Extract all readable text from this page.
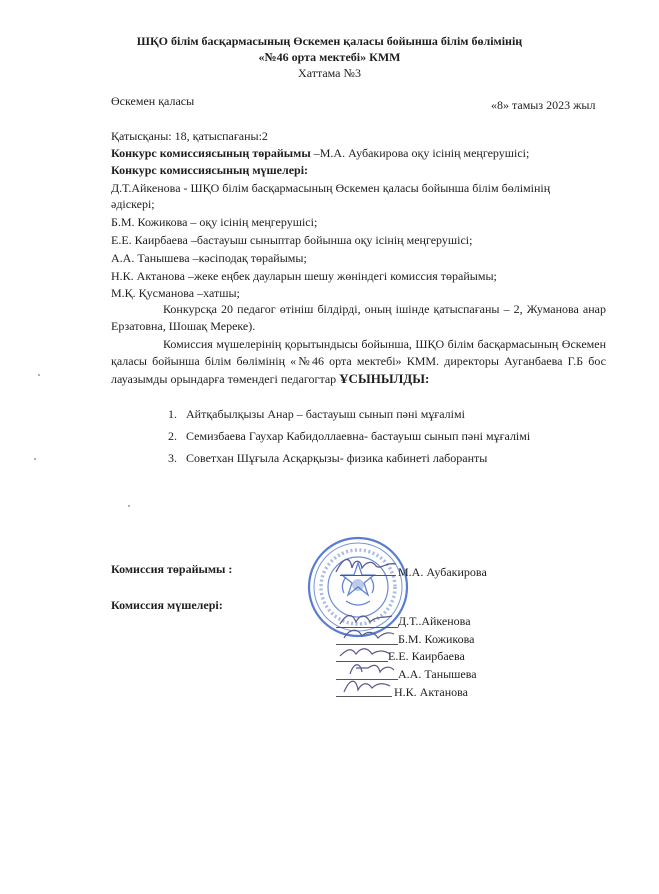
ШҚО білім басқармасының Өскемен қаласы бойынша білім бөлімінің
«№46 орта мектебі» КММ
Хаттама №3
Өскемен қаласы	«8» тамыз 2023 жыл
Қатысқаны: 18, қатыспағаны:2
Конкурс комиссиясының төрайымы –М.А. Аубакирова оқу ісінің меңгерушісі;
Конкурс комиссиясының мүшелері:
Д.Т.Айкенова - ШҚО білім басқармасының Өскемен қаласы бойынша білім бөлімінің
әдіскері;
Б.М. Кожикова – оқу ісінің меңгерушісі;
Е.Е. Каирбаева –бастауыш сыныптар бойынша оқу ісінің меңгерушісі;
А.А. Танышева –кәсіподақ төрайымы;
Н.К. Актанова –жеке еңбек дауларын шешу жөніндегі комиссия төрайымы;
М.Қ. Қусманова –хатшы;
Конкурсқа 20 педагог өтініш білдірді, оның ішінде қатыспағаны – 2, Жуманова анар Ерзатовна, Шошақ Мереке).
Комиссия мүшелерінің қорытындысы бойынша, ШҚО білім басқармасының Өскемен қаласы бойынша білім бөлімінің «№46 орта мектебі» КММ. директоры Ауганбаева Г.Б бос лауазымды орындарға төмендегі педагогтар ҰСЫНЫЛДЫ:
1. Айтқабылқызы Анар – бастауыш сынып пәні мұғалімі
2. Семизбаева Гаухар Кабидоллаевна- бастауыш сынып пәні мұғалімі
3. Советхан Шұғыла Асқарқызы- физика кабинеті лаборанты
Комиссия төрайымы :
Комиссия мүшелері:
М.А. Аубакирова
Д.Т..Айкенова
Б.М. Кожикова
Е.Е. Каирбаева
А.А. Танышева
Н.К. Актанова
